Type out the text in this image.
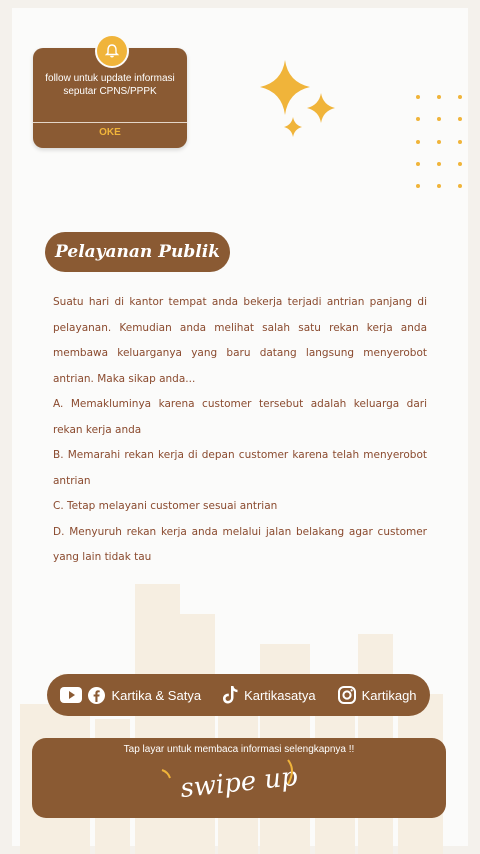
follow untuk update informasi seputar CPNS/PPPK
OKE
Pelayanan Publik

Suatu hari di kantor tempat anda bekerja terjadi antrian panjang di pelayanan. Kemudian anda melihat salah satu rekan kerja anda membawa keluarganya yang baru datang langsung menyerobot antrian. Maka sikap anda...

A. Memakluminya karena customer tersebut adalah keluarga dari rekan kerja anda

B. Memarahi rekan kerja di depan customer karena telah menyerobot antrian

C. Tetap melayani customer sesuai antrian

D. Menyuruh rekan kerja anda melalui jalan belakang agar customer yang lain tidak tau

Kartika & Satya	Kartikasatya	Kartikagh
Tap layar untuk membaca informasi selengkapnya !!
swipe up
